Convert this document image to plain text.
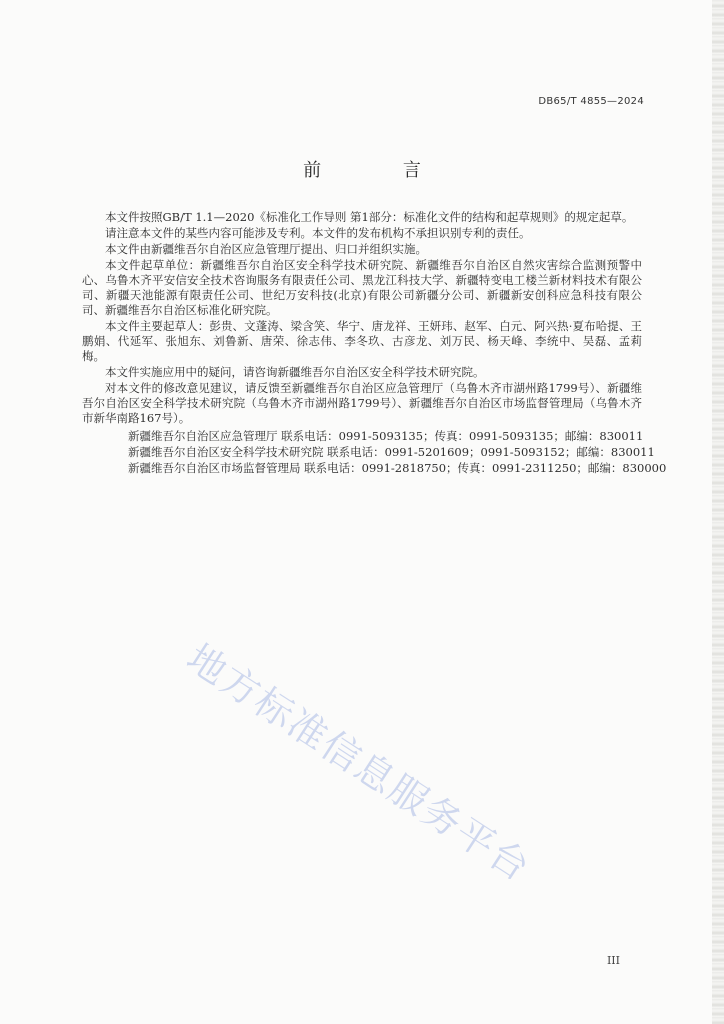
DB65/T 4855—2024
前 言

本文件按照GB/T 1.1—2020《标准化工作导则 第1部分：标准化文件的结构和起草规则》的规定起草。

请注意本文件的某些内容可能涉及专利。本文件的发布机构不承担识别专利的责任。

本文件由新疆维吾尔自治区应急管理厅提出、归口并组织实施。

本文件起草单位：新疆维吾尔自治区安全科学技术研究院、新疆维吾尔自治区自然灾害综合监测预警中心、乌鲁木齐平安信安全技术咨询服务有限责任公司、黑龙江科技大学、新疆特变电工楼兰新材料技术有限公司、新疆天池能源有限责任公司、世纪万安科技(北京)有限公司新疆分公司、新疆新安创科应急科技有限公司、新疆维吾尔自治区标准化研究院。

本文件主要起草人：彭贵、文蓬涛、梁含笑、华宁、唐龙祥、王妍玮、赵军、白元、阿兴热·夏布哈提、王鹏娟、代延军、张旭东、刘鲁新、唐荣、徐志伟、李冬玖、古彦龙、刘万民、杨天峰、李统中、吴磊、孟莉梅。

本文件实施应用中的疑问，请咨询新疆维吾尔自治区安全科学技术研究院。

对本文件的修改意见建议，请反馈至新疆维吾尔自治区应急管理厅（乌鲁木齐市湖州路1799号）、新疆维吾尔自治区安全科学技术研究院（乌鲁木齐市湖州路1799号）、新疆维吾尔自治区市场监督管理局（乌鲁木齐市新华南路167号）。

新疆维吾尔自治区应急管理厅 联系电话：0991-5093135；传真：0991-5093135；邮编：830011

新疆维吾尔自治区安全科学技术研究院 联系电话：0991-5201609；0991-5093152；邮编：830011

新疆维吾尔自治区市场监督管理局 联系电话：0991-2818750；传真：0991-2311250；邮编：830000

地方标准信息服务平台
III
